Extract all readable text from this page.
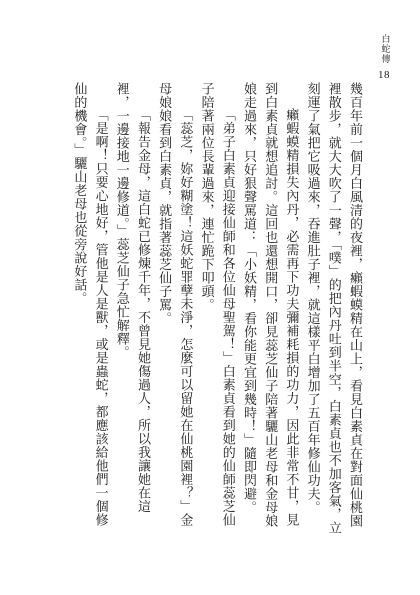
白蛇傳
18

幾百年前一個月白風清的夜裡，癩蝦蟆精在山上，看見白素貞在對面仙桃園裡散步，就大大吹了一聲，「噗」的把內丹吐到半空，白素貞也不加客氣，立刻運了氣把它吸過來，吞進肚子裡，就這樣平白增加了五百年修仙功夫。

癩蝦蟆精損失內丹，必需再下功夫彌補耗損的功力，因此非常不甘，見到白素貞就想追討。這回也還想開口，卻見蕊芝仙子陪著驪山老母和金母娘娘走過來，只好狠聲罵道：「小妖精，看你能更宜到幾時！」隨即閃避。

「弟子白素貞迎接仙師和各位仙母聖駕！」白素貞看到她的仙師蕊芝仙子陪著兩位長輩過來，連忙跪下叩頭。

「蕊芝，妳好糊塗！這妖蛇罪孽未淨，怎麼可以留她在仙桃園裡？」金母娘娘看到白素貞，就指著蕊芝仙子罵。

「報告金母，這白蛇已修煉千年，不曾見她傷過人，所以我讓她在這裡，一邊接地一邊修道。」蕊芝仙子急忙解釋。

「是啊！只要心地好，管他是人是獸，或是蟲蛇，都應該給他們一個修仙的機會。」驪山老母也從旁說好話。
